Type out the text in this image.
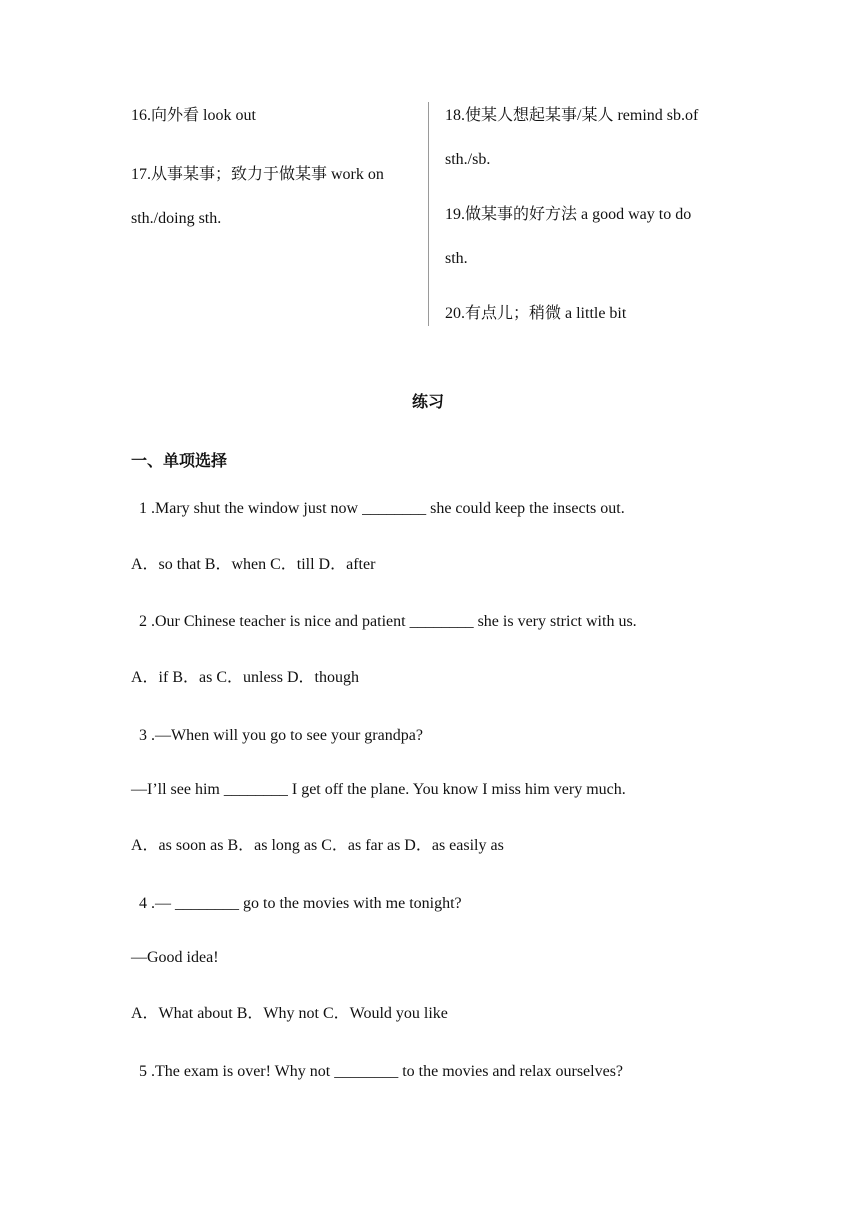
16.向外看 look out
17.从事某事；致力于做某事 work on
sth./doing sth.
18.使某人想起某事/某人 remind sb.of
sth./sb.
19.做某事的好方法 a good way to do
sth.
20.有点儿；稍微 a little bit
练习
一、单项选择
1 .Mary shut the window just now ________ she could keep the insects out.
A．so that B．when C．till D．after
2 .Our Chinese teacher is nice and patient ________ she is very strict with us.
A．if B．as C．unless D．though
3 .—When will you go to see your grandpa?
—I’ll see him ________ I get off the plane. You know I miss him very much.
A．as soon as B．as long as C．as far as D．as easily as
4 .— ________ go to the movies with me tonight?
—Good idea!
A．What about B．Why not C．Would you like
5 .The exam is over! Why not ________ to the movies and relax ourselves?
